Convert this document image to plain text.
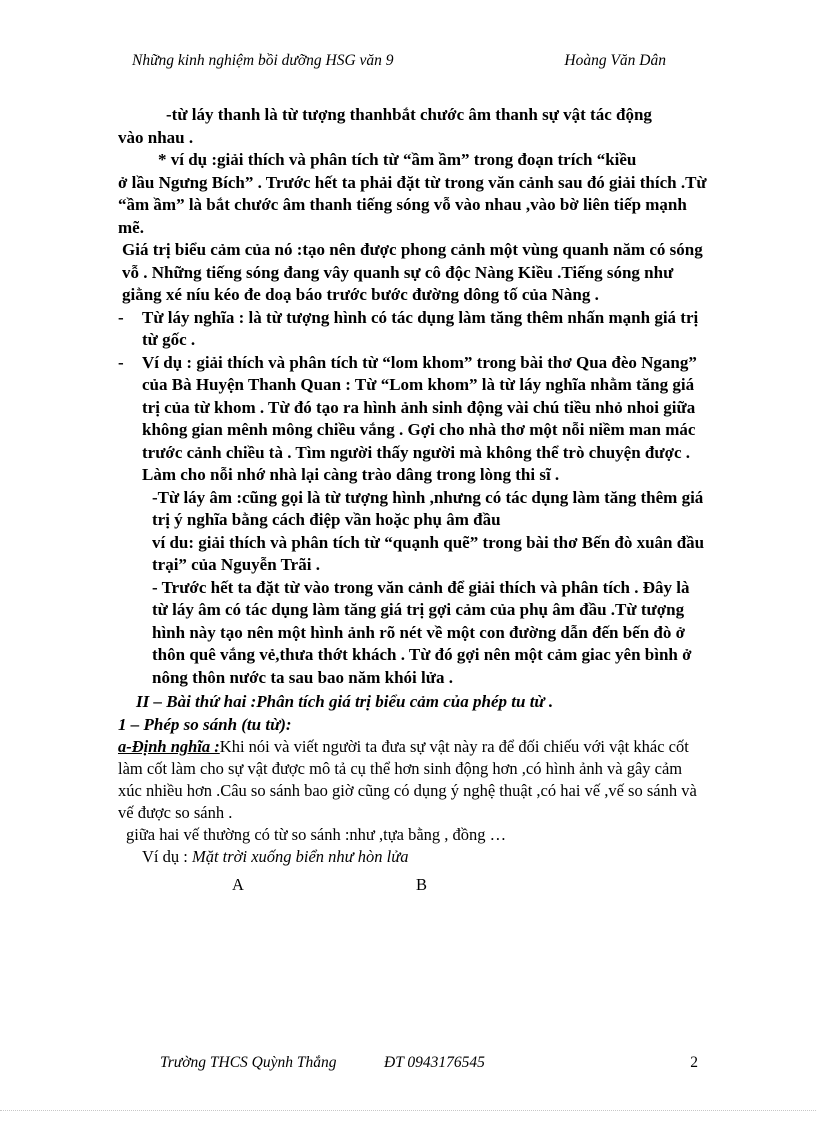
Những kinh nghiệm bồi dưỡng HSG văn 9	Hoàng Văn Dân

-từ láy thanh là từ tượng thanhbắt chước âm thanh sự vật tác động

vào nhau .

* ví dụ :giải thích và phân tích từ “ầm ầm” trong đoạn trích “kiều

ở lầu Ngưng Bích” . Trước hết ta phải đặt từ trong văn cảnh sau đó giải thích .Từ “ầm ầm” là bắt chước âm thanh tiếng sóng vỗ vào nhau ,vào bờ liên tiếp mạnh mẽ.

Giá trị biểu cảm của nó :tạo nên được phong cảnh một vùng quanh năm có sóng vỗ . Những tiếng sóng đang vây quanh sự cô độc Nàng Kiều .Tiếng sóng như giằng xé níu kéo đe doạ báo trước bước đường dông tố của Nàng .

- Từ láy nghĩa : là từ tượng hình có tác dụng làm tăng thêm nhấn mạnh giá trị từ gốc .
- Ví dụ : giải thích và phân tích từ “lom khom” trong bài thơ Qua đèo Ngang” của Bà Huyện Thanh Quan : Từ “Lom khom” là từ láy nghĩa nhằm tăng giá trị của từ khom . Từ đó tạo ra hình ảnh sinh động vài chú tiều nhỏ nhoi giữa không gian mênh mông chiều vắng . Gợi cho nhà thơ một nỗi niềm man mác trước cảnh chiều tà . Tìm người thấy người mà không thể trò chuyện được . Làm cho nỗi nhớ nhà lại càng trào dâng trong lòng thi sĩ .

-Từ láy âm :cũng gọi là từ tượng hình ,nhưng có tác dụng làm tăng thêm giá trị ý nghĩa bằng cách điệp vần hoặc phụ âm đầu

ví du: giải thích và phân tích từ “quạnh quẽ” trong bài thơ Bến đò xuân đầu trại” của Nguyễn Trãi .

- Trước hết ta đặt từ vào trong văn cảnh để giải thích và phân tích . Đây là từ láy âm có tác dụng làm tăng giá trị gợi cảm của phụ âm đầu .Từ tượng hình này tạo nên một hình ảnh rõ nét về một con đường dẫn đến bến đò ở thôn quê vắng vẻ,thưa thớt khách . Từ đó gợi nên một cảm giac yên bình ở nông thôn nước ta sau bao năm khói lửa .

II – Bài thứ hai :Phân tích giá trị biểu cảm của phép tu từ .

1 – Phép so sánh (tu từ):

a-Định nghĩa :Khi nói và viết người ta đưa sự vật này ra để đối chiếu với vật khác cốt làm cốt làm cho sự vật được mô tả cụ thể hơn sinh động hơn ,có hình ảnh và gây cảm xúc nhiều hơn .Câu so sánh bao giờ cũng có dụng ý nghệ thuật ,có hai vế ,vế so sánh và vế được so sánh .

giữa hai vế thường có từ so sánh :như ,tựa bằng , đồng …

Ví dụ : Mặt trời xuống biển như hòn lửa

A	B
Trường THCS Quỳnh Thắng	ĐT 0943176545	2
